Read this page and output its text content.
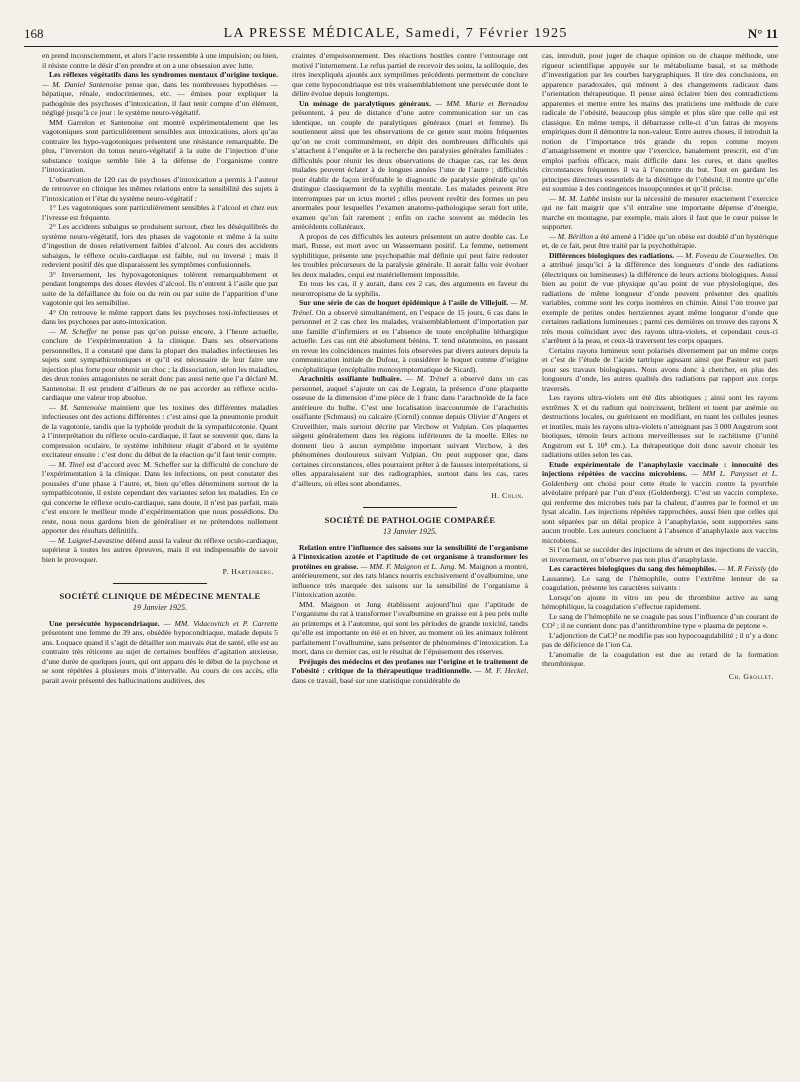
168	LA PRESSE MÉDICALE, Samedi, 7 Février 1925	N° 11

en prend inconsciemment, et alors l’acte ressemble à une impulsion; ou bien, il résiste contre le désir d’en prendre et on a une obsession avec lutte.

Les réflexes végétatifs dans les syndromes mentaux d’origine toxique. — M. Daniel Santenoise pense que, dans les nombreuses hypothèses — hépatique, rénale, endocriniennes, etc. — émises pour expliquer la pathogénie des psychoses d’intoxication, il faut tenir compte d’un élément, négligé jusqu’à ce jour : le système neuro-végétatif.

MM Garrelon et Santenoise ont montré expérimentalement que les vagotoniques sont particulièrement sensibles aux intoxications, alors qu’au contraire les hypo-vagotoniques présentent une résistance remarquable. De plus, l’inversion du tonus neuro-végétatif à la suite de l’injection d’une substance toxique semble liée à la défense de l’organisme contre l’intoxication.

L’observation de 120 cas de psychoses d’intoxication a permis à l’auteur de retrouver en clinique les mêmes relations entre la sensibilité des sujets à l’intoxication et l’état du système neuro-végétatif :

1° Les vagotoniques sont particulièrement sensibles à l’alcool et chez eux l’ivresse est fréquente.

2° Les accidents subaigus se produisent surtout, chez les déséquilibrés du système neuro-végétatif, lors des phases de vagotonie et même à la suite d’ingestion de doses relativement faibles d’alcool. Au cours des accidents subaigus, le réflexe oculo-cardiaque est faible, nul ou inversé ; mais il redevient positif dès que disparaissent les symptômes confusionnels.

3° Inversement, les hypovagotoniques tolèrent remarquablement et pendant longtemps des doses élevées d’alcool. Ils n’entrent à l’asile que par suite de la défaillance du foie ou du rein ou par suite de l’apparition d’une vagotonie qui les sensibilise.

4° On retrouve le même rapport dans les psychoses toxi-infectieuses et dans les psychoses par auto-intoxication.

— M. Scheffer ne pense pas qu’on puisse encore, à l’heure actuelle, conclure de l’expérimentation à la clinique. Dans ses observations personnelles, il a constaté que dans la plupart des maladies infectieuses les sujets sont sympathicotoniques et qu’il est nécessaire de leur faire une injection plus forte pour obtenir un choc ; la dissociation, selon les maladies, des deux tonies antagonistes ne serait donc pas aussi nette que l’a déclaré M. Santenoise. Il est prudent d’ailleurs de ne pas accorder au réflexe oculo-cardiaque une valeur trop absolue.

— M. Santenoise maintient que les toxines des différentes maladies infectieuses ont des actions différentes : c’est ainsi que la pneumonie produit de la vagotonie, tandis que la typhoïde produit de la sympathicotonie. Quant à l’interprétation du réflexe oculo-cardiaque, il faut se souvenir que, dans la compression oculaire, le système inhibiteur réagit d’abord et le système excitateur ensuite : c’est donc du début de la réaction qu’il faut tenir compte.

— M. Tinel est d’accord avec M. Scheffer sur la difficulté de conclure de l’expérimentation à la clinique. Dans les infections, on peut constater des poussées d’une phase à l’autre, et, bien qu’elles déterminent surtout de la sympathicotonie, il existe cependant des variantes selon les maladies. En ce qui concerne le réflexe oculo-cardiaque, sans doute, il n’est pas parfait, mais c’est encore le meilleur mode d’expérimentation que nous possédions. Du reste, nous nous gardons bien de généraliser et ne prétendons nullement apporter des résultats définitifs.

— M. Laignel-Lavastine défend aussi la valeur du réflexe oculo-cardiaque, supérieur à toutes les autres épreuves, mais il est indispensable de savoir bien le provoquer.

P. Hartenberg.
SOCIÉTÉ CLINIQUE DE MÉDECINE MENTALE
19 Janvier 1925.

Une persécutée hypocondriaque. — MM. Vidacovitch et P. Carrette présentent une femme de 39 ans, obsédée hypocondriaque, malade depuis 5 ans. Loquace quand il s’agit de détailler son mauvais état de santé, elle est au contraire très réticente au sujet de certaines bouffées d’agitation anxieuse, d’une durée de quelques jours, qui ont apparu dès le début de la psychose et se sont répétées à plusieurs mois d’intervalle. Au cours de ces accès, elle parait avoir présenté des hallucinations auditives, des

craintes d’empoisonnement. Des réactions hostiles contre l’entourage ont motivé l’internement. Le refus partiel de recevoir des soins, la soliloquie, des rires inexpliqués ajoutés aux symptômes précédents permettent de conclure que cette hypocondriaque est très vraisemblablement une persécutée dont le délire évolue depuis longtemps.

Un ménage de paralytiques généraux. — MM. Marie et Bernadou présentent, à peu de distance d’une autre communication sur un cas identique, un couple de paralytiques généraux (mari et femme). Ils soutiennent ainsi que les observations de ce genre sont moins fréquentes qu’on ne croit communément, en dépit des nombreuses difficultés qui s’attachent à l’enquête et à la recherche des paralysies générales familiales : difficultés pour réunir les deux observations de chaque cas, car les deux malades peuvent éclater à de longues années l’une de l’autre ; difficultés pour établir de façon irréfutable le diagnostic de paralysie générale qu’on distingue classiquement de la syphilis mentale. Les malades peuvent être interrompues par un ictus mortel ; elles peuvent revêtir des formes un peu anormales pour lesquelles l’examen anatomo-pathologique serait fort utile, examen qu’on fait rarement ; enfin on cache souvent au médecin les antécédents collatéraux.

A propos de ces difficultés les auteurs présentent un autre double cas. Le mari, Russe, est mort avec un Wassermann positif. La femme, nettement syphilitique, présente une psychopathie mal définie qui peut faire redouter les troubles précurseurs de la paralysie générale. Il aurait fallu voir évoluer les deux malades, cequi est matériellement impossible.

En tous les cas, il y aurait, dans ces 2 cas, des arguments en faveur du neurotropisme de la syphilis.

Sur une série de cas de hoquet épidémique à l’asile de Villejuif. — M. Trénel. On a observé simultanément, en l’espace de 15 jours, 6 cas dans le personnel et 2 cas chez les malades, vraisemblablement d’importation par une famille d’infirmiers et en l’absence de toute encéphalite léthargique actuelle. Les cas ont été absolument bénins. T. tend néanmoins, en passant en revue les coïncidences maintes fois observées par divers auteurs depuis la communication initiale de Dufour, à considérer le hoquet comme d’origine encéphalitique (encéphalite monosymptomatique de Sicard).

Arachnitis ossifiante bulbaire. — M. Trénel a observé dans un cas personnel, auquel s’ajoute un cas de Legrain, la présence d’une plaquette osseuse de la dimension d’une pièce de 1 franc dans l’arachnoïde de la face antérieure du bulbe. C’est une localisation inaccoutumée de l’arachnitis ossifiante (Schmaus) ou calcaire (Cornil) connue depuis Olivier d’Angers et Cruveilhier, mais surtout décrite par Virchow et Vulpian. Ces plaquettes siègent généralement dans les régions inférieures de la moelle. Elles ne donnent lieu à aucun symptôme important suivant Virchow, à des phénomènes douloureux suivant Vulpian. On peut supposer que, dans certaines circonstances, elles pourraient prêter à de fausses interprétations, si elles apparaissaient sur des radiographies, surtout dans les cas, rares d’ailleurs, où elles sont abondantes.

H. Colin.
SOCIÉTÉ DE PATHOLOGIE COMPARÉE
13 Janvier 1925.

Relation entre l’influence des saisons sur la sensibilité de l’organisme à l’intoxication azotée et l’aptitude de cet organisme à transformer les protéines en graisse. — MM. F. Maignon et L. Jung. M. Maignon a montré, antérieurement, sur des rats blancs nourris exclusivement d’ovalbumine, une influence très marquée des saisons sur la sensibilité de l’organisme à l’intoxication azotée.

MM. Maignon et Jung établissent aujourd’hui que l’aptitude de l’organisme du rat à transformer l’ovalbumine en graisse est à peu près nulle au printemps et à l’automne, qui sont les périodes de grande toxicité, tandis qu’elle est importante en été et en hiver, au moment où les animaux tolèrent parfaitement l’ovalbumine, sans présenter de phénomènes d’intoxication. La mort, dans ce dernier cas, est le résultat de l’épuisement des réserves.

Préjugés des médecins et des profanes sur l’origine et le traitement de l’obésité : critique de la thérapeutique traditionnelle. — M. F. Heckel, dans ce travail, basé sur une statistique considérable de

cas, introduit, pour juger de chaque opinion ou de chaque méthode, une rigueur scientifique appuyée sur le métabolisme basal, et sa méthode d’investigation par les courbes barygraphiques. Il tire des conclusions, en apparence paradoxales, qui mènent à des changements radicaux dans l’orientation thérapeutique. Il pense ainsi éclairer bien des contradictions apparentes et mettre entre les mains des praticiens une méthode de cure radicale de l’obésité, beaucoup plus simple et plus sûre que celle qui est classique. En même temps, il débarrasse celle-ci d’un fatras de moyens empiriques dont il démontre la non-valeur. Entre autres choses, il introduit la notion de l’importance très grande du repos comme moyen d’amaigrissement et montre que l’exercice, banalement prescrit, est d’un emploi parfois efficace, mais difficile dans les cures, et dans quelles circonstances fréquentes il va à l’encontre du but. Tout en gardant les principes directeurs essentiels de la diététique de l’obésité, il montre qu’elle est soumise à des contingences insoupçonnées et qu’il précise.

— M. M. Labbé insiste sur la nécessité de mesurer exactement l’exercice qui ne fait maigrir que s’il entraîne une importante dépense d’énergie, marche en montagne, par exemple, mais alors il faut que le cœur puisse le supporter.

— M. Bérillon a été amené à l’idée qu’un obèse est doublé d’un hystérique et, de ce fait, peut être traité par la psychothérapie.

Différences biologiques des radiations. — M. Foveau de Courmelles. On a attribué jusqu’ici à la différence des longueurs d’onde des radiations (électriques ou lumineuses) la différence de leurs actions biologiques. Aussi bien au point de vue physique qu’au point de vue physiologique, des radiations de même longueur d’onde peuvent présenter des qualités variables, comme sont les corps isomères en chimie. Ainsi l’on trouve par exemple de petites ondes hertziennes ayant même longueur d’onde que certaines radiations lumineuses ; parmi ces dernières on trouve des rayons X très mous coïncidant avec des rayons ultra-violets, et cependant ceux-ci s’arrêtent à la peau, et ceux-là traversent les corps opaques.

Certains rayons lumineux sont polarisés diversement par un même corps et c’est de l’étude de l’acide tartrique agissant ainsi que Pasteur est parti pour ses travaux biologiques. Nous avons donc à chercher, en plus des longueurs d’onde, les autres qualités des radiations par rapport aux corps traversés.

Les rayons ultra-violets ont été dits abiotiques ; ainsi sont les rayons extrêmes X et du radium qui noircissent, brûlent et tuent par anémie ou destructions locales, ou guérissent en modifiant, en tuant les cellules jeunes et inutiles, mais les rayons ultra-violets n’atteignant pas 3 000 Angstrom sont biotiques, témoin leurs actions merveilleuses sur le rachitisme (l’unité Angstrom est L 10⁸ cm.). La thérapeutique doit donc savoir choisir les radiations utiles selon les cas.

Etude expérimentale de l’anaphylaxie vaccinale : innocuité des injections répétées de vaccins microbiens. — MM L. Panysset et L. Goldenberg ont choisi pour cette étude le vaccin contre la pyorrhée alvéolaire préparé par l’un d’eux (Goldenberg). C’est un vaccin complexe, qui renferme des microbes tués par la chaleur, d’autres par le formol et un lysat alcalin. Les injections répétées rapprochées, aussi bien que celles qui sont séparées par un délai propice à l’anaphylaxie, sont supportées sans aucun trouble. Les auteurs concluent à l’absence d’anaphylaxie aux vaccins microbiens.

Si l’on fait se succéder des injections de sérum et des injections de vaccin, et inversement, on n’observe pas non plus d’anaphylaxie.

Les caractères biologiques du sang des hémophiles. — M. R Feissly (de Lausanne). Le sang de l’hémophile, outre l’extrême lenteur de sa coagulation, présente les caractères suivants :

Lorsqu’on ajoute in vitro un peu de thrombine active au sang hémophilique, la coagulation s’effectue rapidement.

Le sang de l’hémophile ne se coagule pas sous l’influence d’un courant de CO² ; il ne contient donc pas d’antithrombine type « plasma de peptone ».

L’adjonction de CaCl² ne modifie pas son hypocoagulabilité ; il n’y a donc pas de déficience de l’ion Ca.

L’anomalie de la coagulation est due au retard de la formation thrombinique.

Ch. Grollet.
